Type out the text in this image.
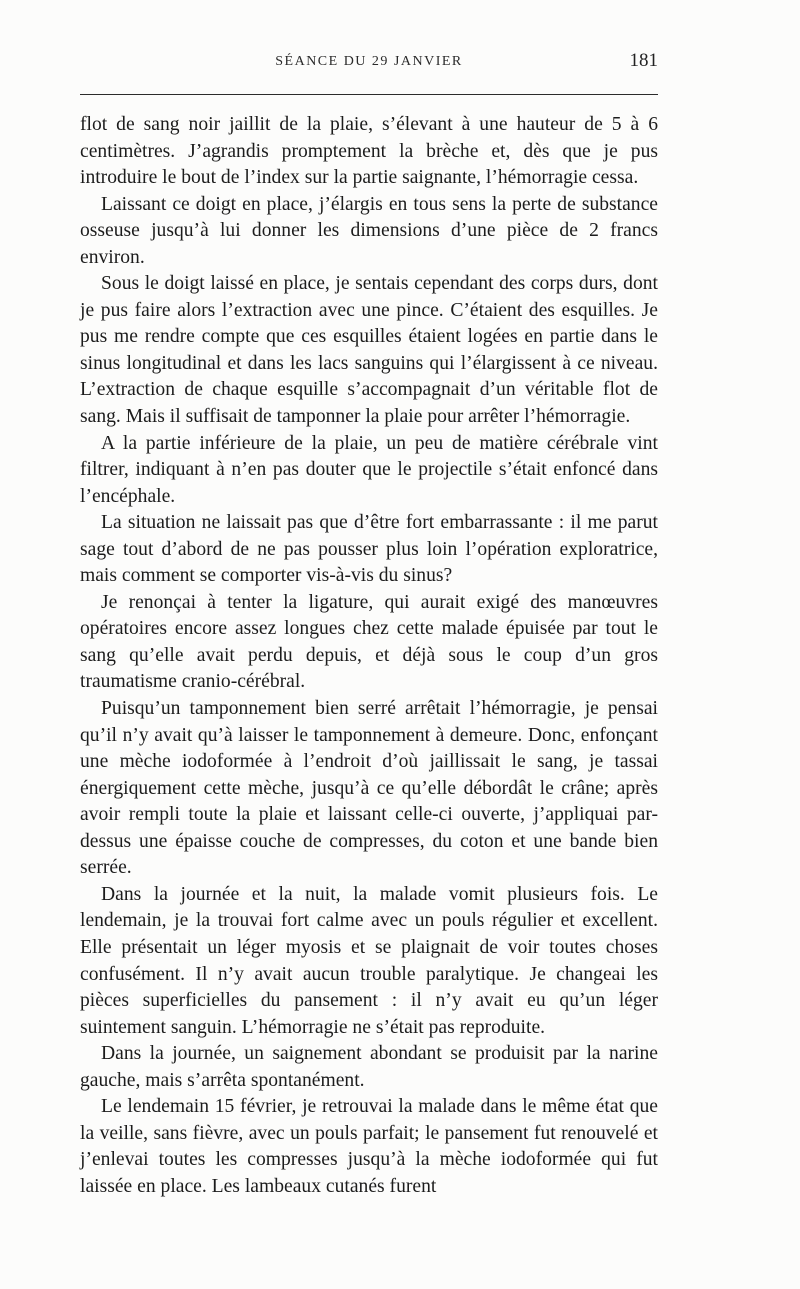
SÉANCE DU 29 JANVIER	181

flot de sang noir jaillit de la plaie, s’élevant à une hauteur de 5 à 6 centimètres. J’agrandis promptement la brèche et, dès que je pus introduire le bout de l’index sur la partie saignante, l’hémorragie cessa.

Laissant ce doigt en place, j’élargis en tous sens la perte de substance osseuse jusqu’à lui donner les dimensions d’une pièce de 2 francs environ.

Sous le doigt laissé en place, je sentais cependant des corps durs, dont je pus faire alors l’extraction avec une pince. C’étaient des esquilles. Je pus me rendre compte que ces esquilles étaient logées en partie dans le sinus longitudinal et dans les lacs sanguins qui l’élargissent à ce niveau. L’extraction de chaque esquille s’accompagnait d’un véritable flot de sang. Mais il suffisait de tamponner la plaie pour arrêter l’hémorragie.

A la partie inférieure de la plaie, un peu de matière cérébrale vint filtrer, indiquant à n’en pas douter que le projectile s’était enfoncé dans l’encéphale.

La situation ne laissait pas que d’être fort embarrassante : il me parut sage tout d’abord de ne pas pousser plus loin l’opération exploratrice, mais comment se comporter vis-à-vis du sinus?

Je renonçai à tenter la ligature, qui aurait exigé des manœuvres opératoires encore assez longues chez cette malade épuisée par tout le sang qu’elle avait perdu depuis, et déjà sous le coup d’un gros traumatisme cranio-cérébral.

Puisqu’un tamponnement bien serré arrêtait l’hémorragie, je pensai qu’il n’y avait qu’à laisser le tamponnement à demeure. Donc, enfonçant une mèche iodoformée à l’endroit d’où jaillissait le sang, je tassai énergiquement cette mèche, jusqu’à ce qu’elle débordât le crâne; après avoir rempli toute la plaie et laissant celle-ci ouverte, j’appliquai par-dessus une épaisse couche de compresses, du coton et une bande bien serrée.

Dans la journée et la nuit, la malade vomit plusieurs fois. Le lendemain, je la trouvai fort calme avec un pouls régulier et excellent. Elle présentait un léger myosis et se plaignait de voir toutes choses confusément. Il n’y avait aucun trouble paralytique. Je changeai les pièces superficielles du pansement : il n’y avait eu qu’un léger suintement sanguin. L’hémorragie ne s’était pas reproduite.

Dans la journée, un saignement abondant se produisit par la narine gauche, mais s’arrêta spontanément.

Le lendemain 15 février, je retrouvai la malade dans le même état que la veille, sans fièvre, avec un pouls parfait; le pansement fut renouvelé et j’enlevai toutes les compresses jusqu’à la mèche iodoformée qui fut laissée en place. Les lambeaux cutanés furent
